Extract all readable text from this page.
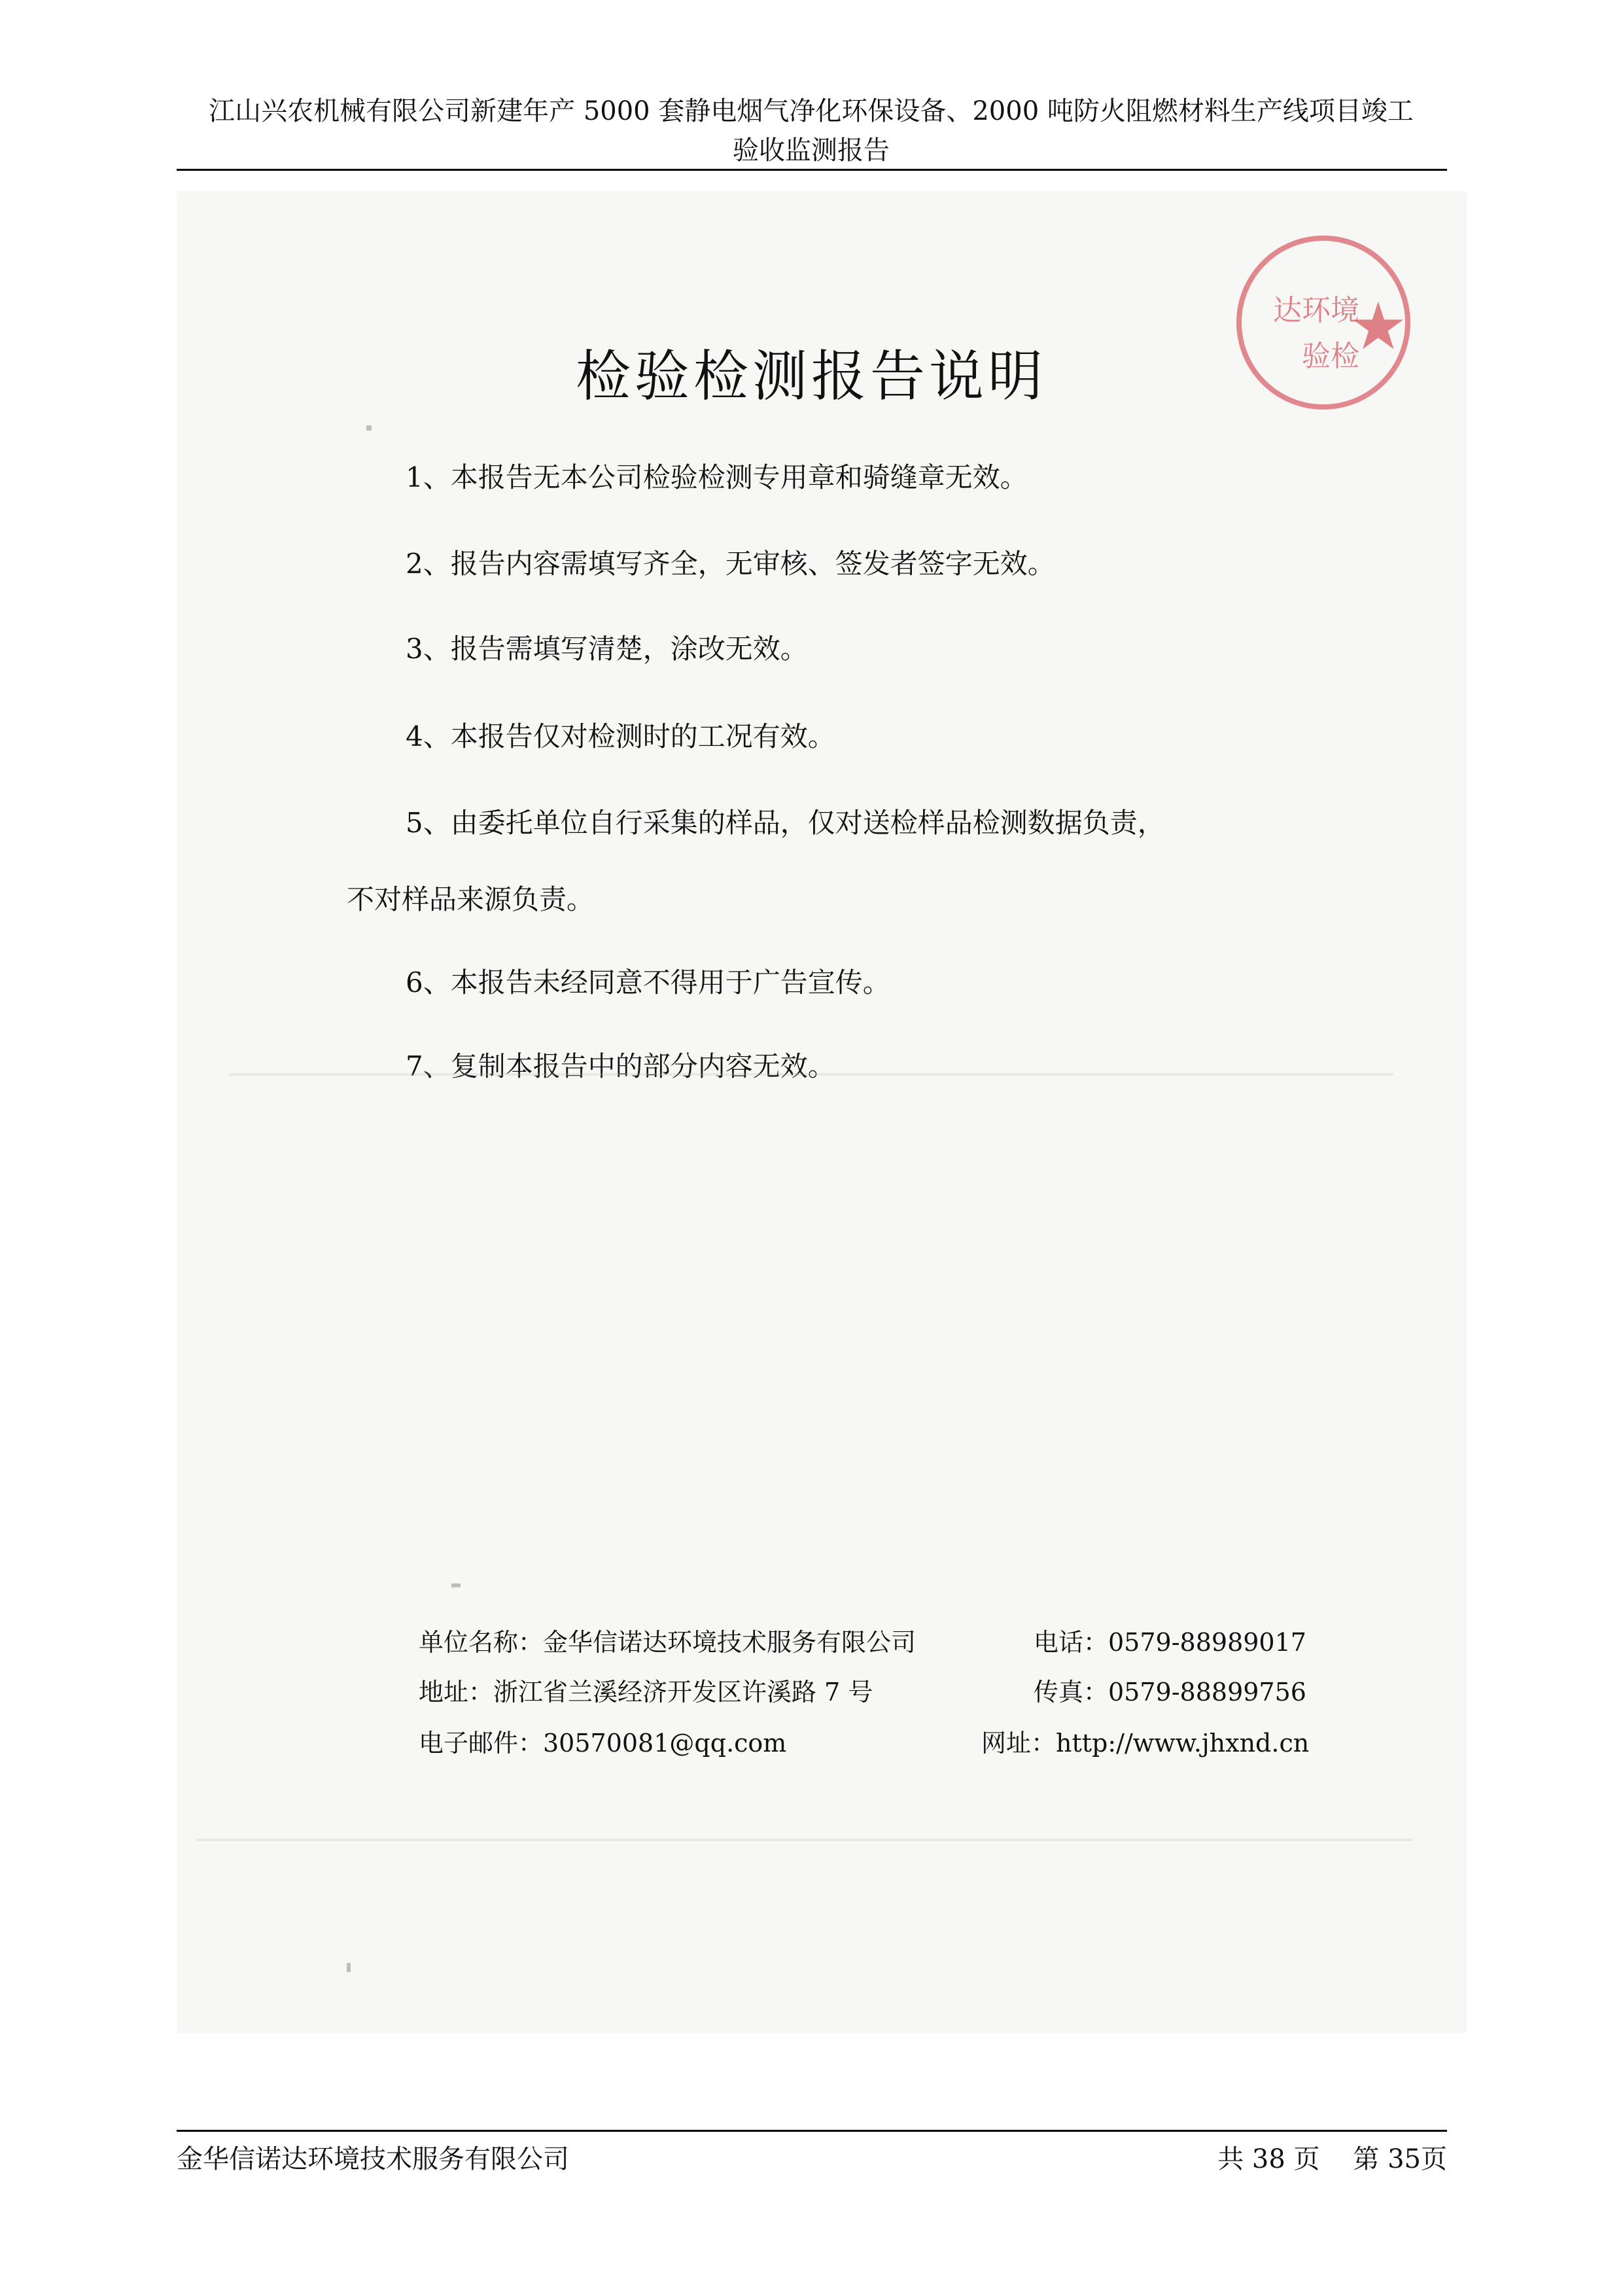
江山兴农机械有限公司新建年产 5000 套静电烟气净化环保设备、2000 吨防火阻燃材料生产线项目竣工
验收监测报告
达环境
验检
★
检验检测报告说明
1、本报告无本公司检验检测专用章和骑缝章无效。
2、报告内容需填写齐全，无审核、签发者签字无效。
3、报告需填写清楚，涂改无效。
4、本报告仅对检测时的工况有效。
5、由委托单位自行采集的样品，仅对送检样品检测数据负责，
不对样品来源负责。
6、本报告未经同意不得用于广告宣传。
7、复制本报告中的部分内容无效。
单位名称：金华信诺达环境技术服务有限公司	电话：0579-88989017
地址：浙江省兰溪经济开发区许溪路 7 号	传真：0579-88899756
电子邮件：30570081@qq.com	网址：http://www.jhxnd.cn
金华信诺达环境技术服务有限公司	共 38 页 第 35页
